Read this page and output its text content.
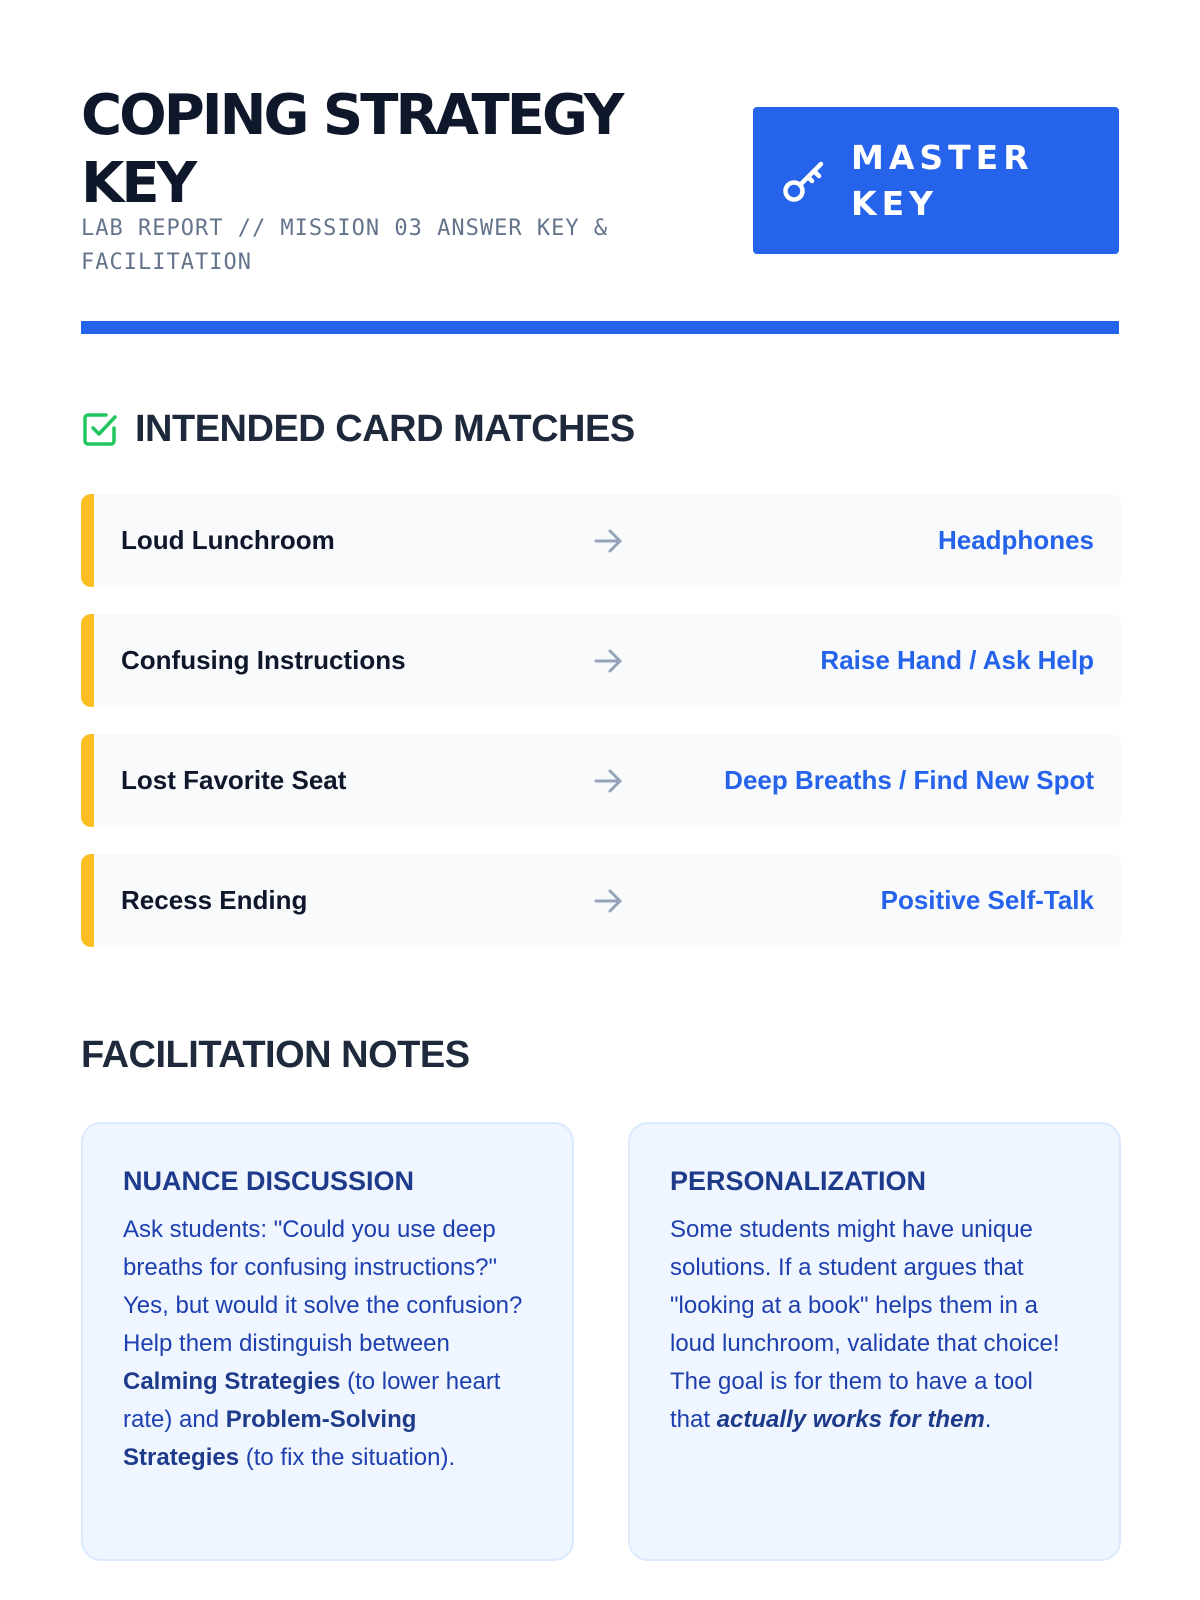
COPING STRATEGY KEY
LAB REPORT // MISSION 03 ANSWER KEY & FACILITATION
MASTER KEY
INTENDED CARD MATCHES
Loud Lunchroom	Headphones
Confusing Instructions	Raise Hand / Ask Help
Lost Favorite Seat	Deep Breaths / Find New Spot
Recess Ending	Positive Self-Talk
FACILITATION NOTES
NUANCE DISCUSSION

Ask students: "Could you use deep breaths for confusing instructions?" Yes, but would it solve the confusion? Help them distinguish between Calming Strategies (to lower heart rate) and Problem-Solving Strategies (to fix the situation).

PERSONALIZATION

Some students might have unique solutions. If a student argues that "looking at a book" helps them in a loud lunchroom, validate that choice! The goal is for them to have a tool that actually works for them.
